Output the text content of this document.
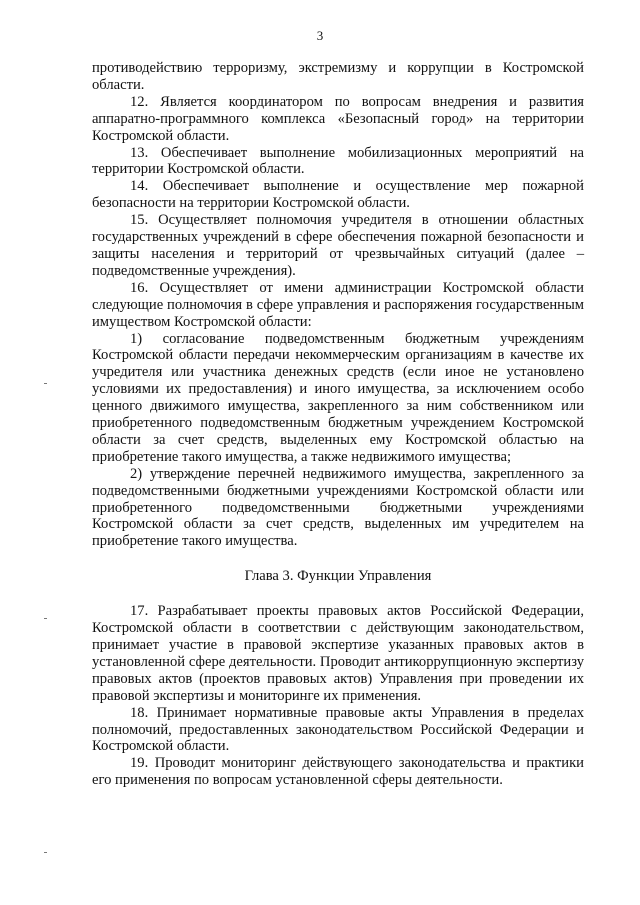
3

противодействию терроризму, экстремизму и коррупции в Костромской области.

12. Является координатором по вопросам внедрения и развития аппаратно-программного комплекса «Безопасный город» на территории Костромской области.

13. Обеспечивает выполнение мобилизационных мероприятий на территории Костромской области.

14. Обеспечивает выполнение и осуществление мер пожарной безопасности на территории Костромской области.

15. Осуществляет полномочия учредителя в отношении областных государственных учреждений в сфере обеспечения пожарной безопасности и защиты населения и территорий от чрезвычайных ситуаций (далее – подведомственные учреждения).

16. Осуществляет от имени администрации Костромской области следующие полномочия в сфере управления и распоряжения государственным имуществом Костромской области:

1) согласование подведомственным бюджетным учреждениям Костромской области передачи некоммерческим организациям в качестве их учредителя или участника денежных средств (если иное не установлено условиями их предоставления) и иного имущества, за исключением особо ценного движимого имущества, закрепленного за ним собственником или приобретенного подведомственным бюджетным учреждением Костромской области за счет средств, выделенных ему Костромской областью на приобретение такого имущества, а также недвижимого имущества;

2) утверждение перечней недвижимого имущества, закрепленного за подведомственными бюджетными учреждениями Костромской области или приобретенного подведомственными бюджетными учреждениями Костромской области за счет средств, выделенных им учредителем на приобретение такого имущества.

Глава 3. Функции Управления

17. Разрабатывает проекты правовых актов Российской Федерации, Костромской области в соответствии с действующим законодательством, принимает участие в правовой экспертизе указанных правовых актов в установленной сфере деятельности. Проводит антикоррупционную экспертизу правовых актов (проектов правовых актов) Управления при проведении их правовой экспертизы и мониторинге их применения.

18. Принимает нормативные правовые акты Управления в пределах полномочий, предоставленных законодательством Российской Федерации и Костромской области.

19. Проводит мониторинг действующего законодательства и практики его применения по вопросам установленной сферы деятельности.
